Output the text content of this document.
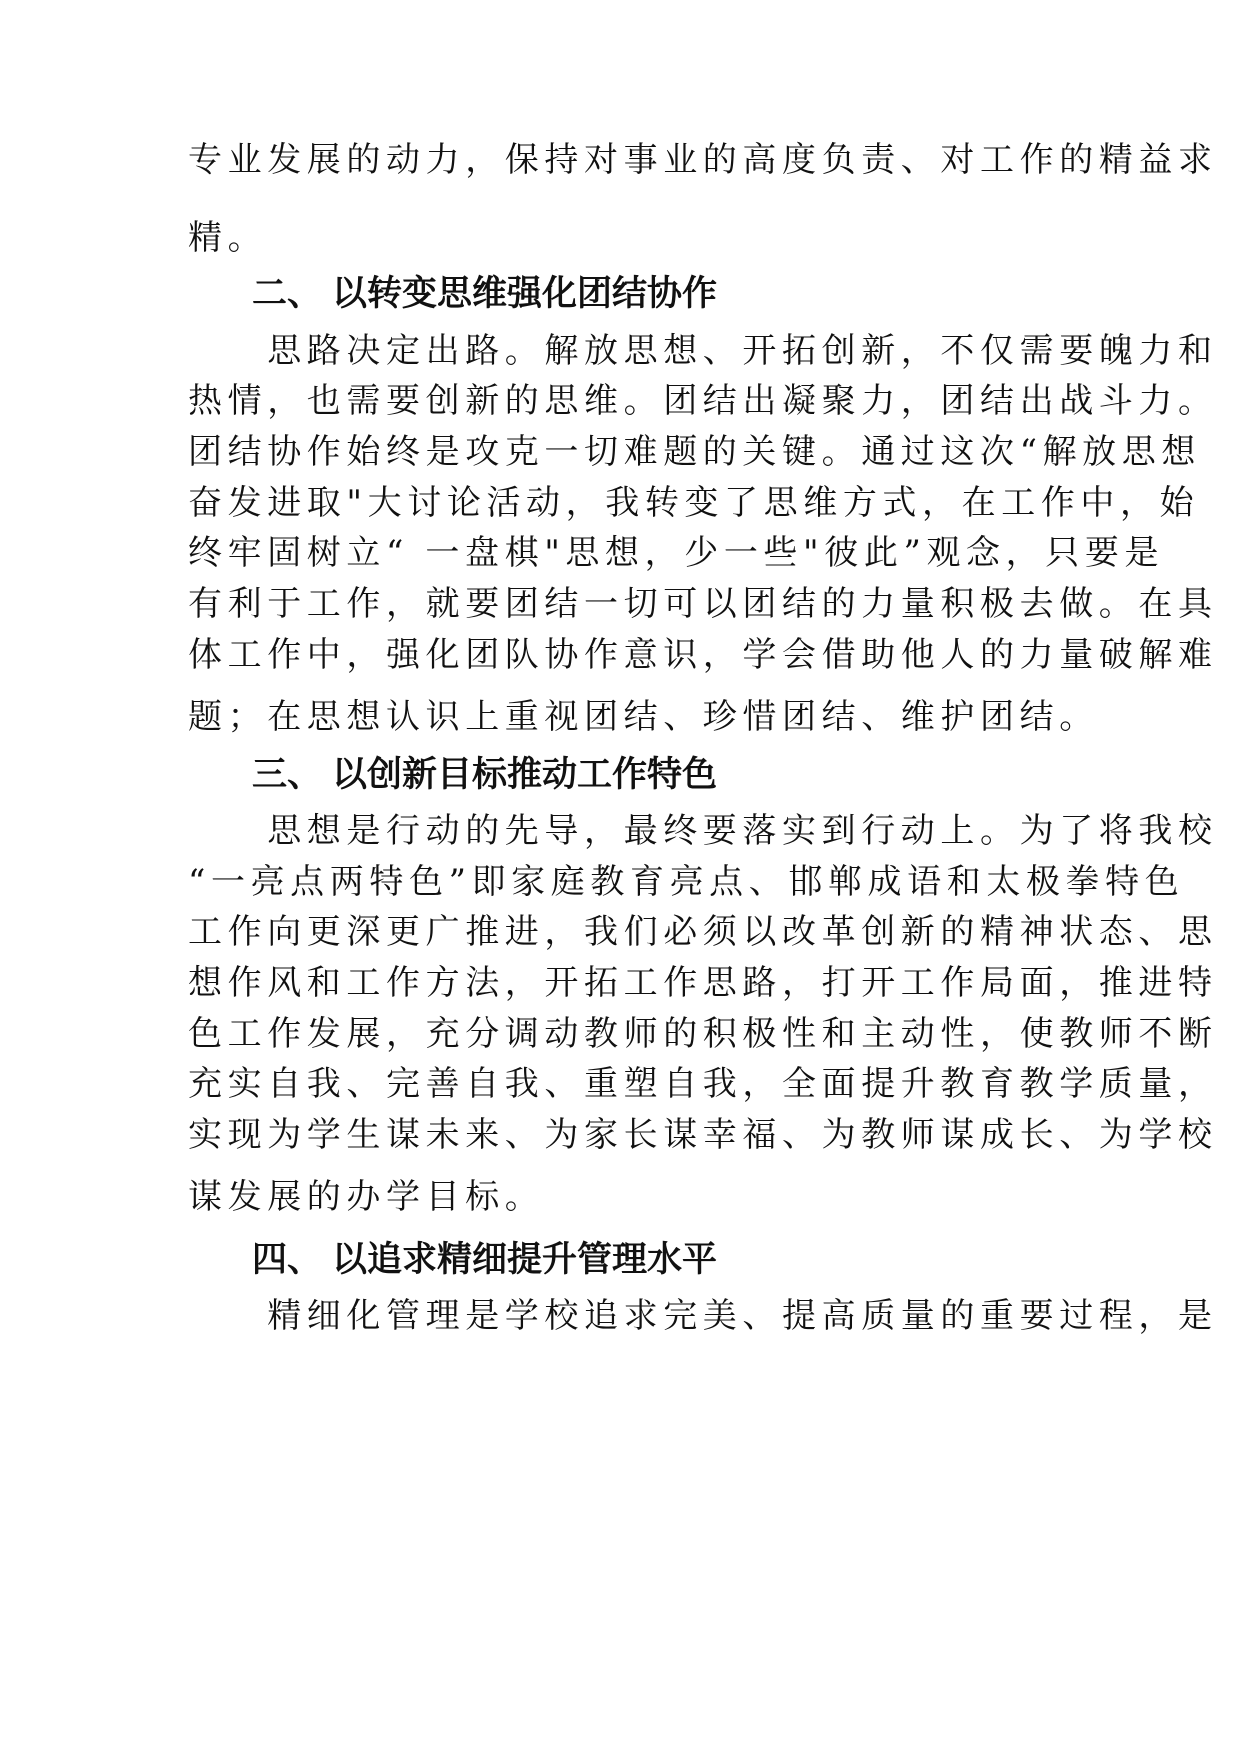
专业发展的动力，保持对事业的高度负责、对工作的精益求
精。
二、 以转变思维强化团结协作
　　思路决定出路。解放思想、开拓创新，不仅需要魄力和
热情，也需要创新的思维。团结出凝聚力，团结出战斗力。
团结协作始终是攻克一切难题的关键。通过这次“解放思想
奋发进取"大讨论活动，我转变了思维方式，在工作中，始
终牢固树立“ 一盘棋"思想，少一些"彼此”观念，只要是
有利于工作，就要团结一切可以团结的力量积极去做。在具
体工作中，强化团队协作意识，学会借助他人的力量破解难
题；在思想认识上重视团结、珍惜团结、维护团结。
三、 以创新目标推动工作特色
　　思想是行动的先导，最终要落实到行动上。为了将我校
“一亮点两特色”即家庭教育亮点、邯郸成语和太极拳特色
工作向更深更广推进，我们必须以改革创新的精神状态、思
想作风和工作方法，开拓工作思路，打开工作局面，推进特
色工作发展，充分调动教师的积极性和主动性，使教师不断
充实自我、完善自我、重塑自我，全面提升教育教学质量，
实现为学生谋未来、为家长谋幸福、为教师谋成长、为学校
谋发展的办学目标。
四、 以追求精细提升管理水平
　　精细化管理是学校追求完美、提高质量的重要过程，是
